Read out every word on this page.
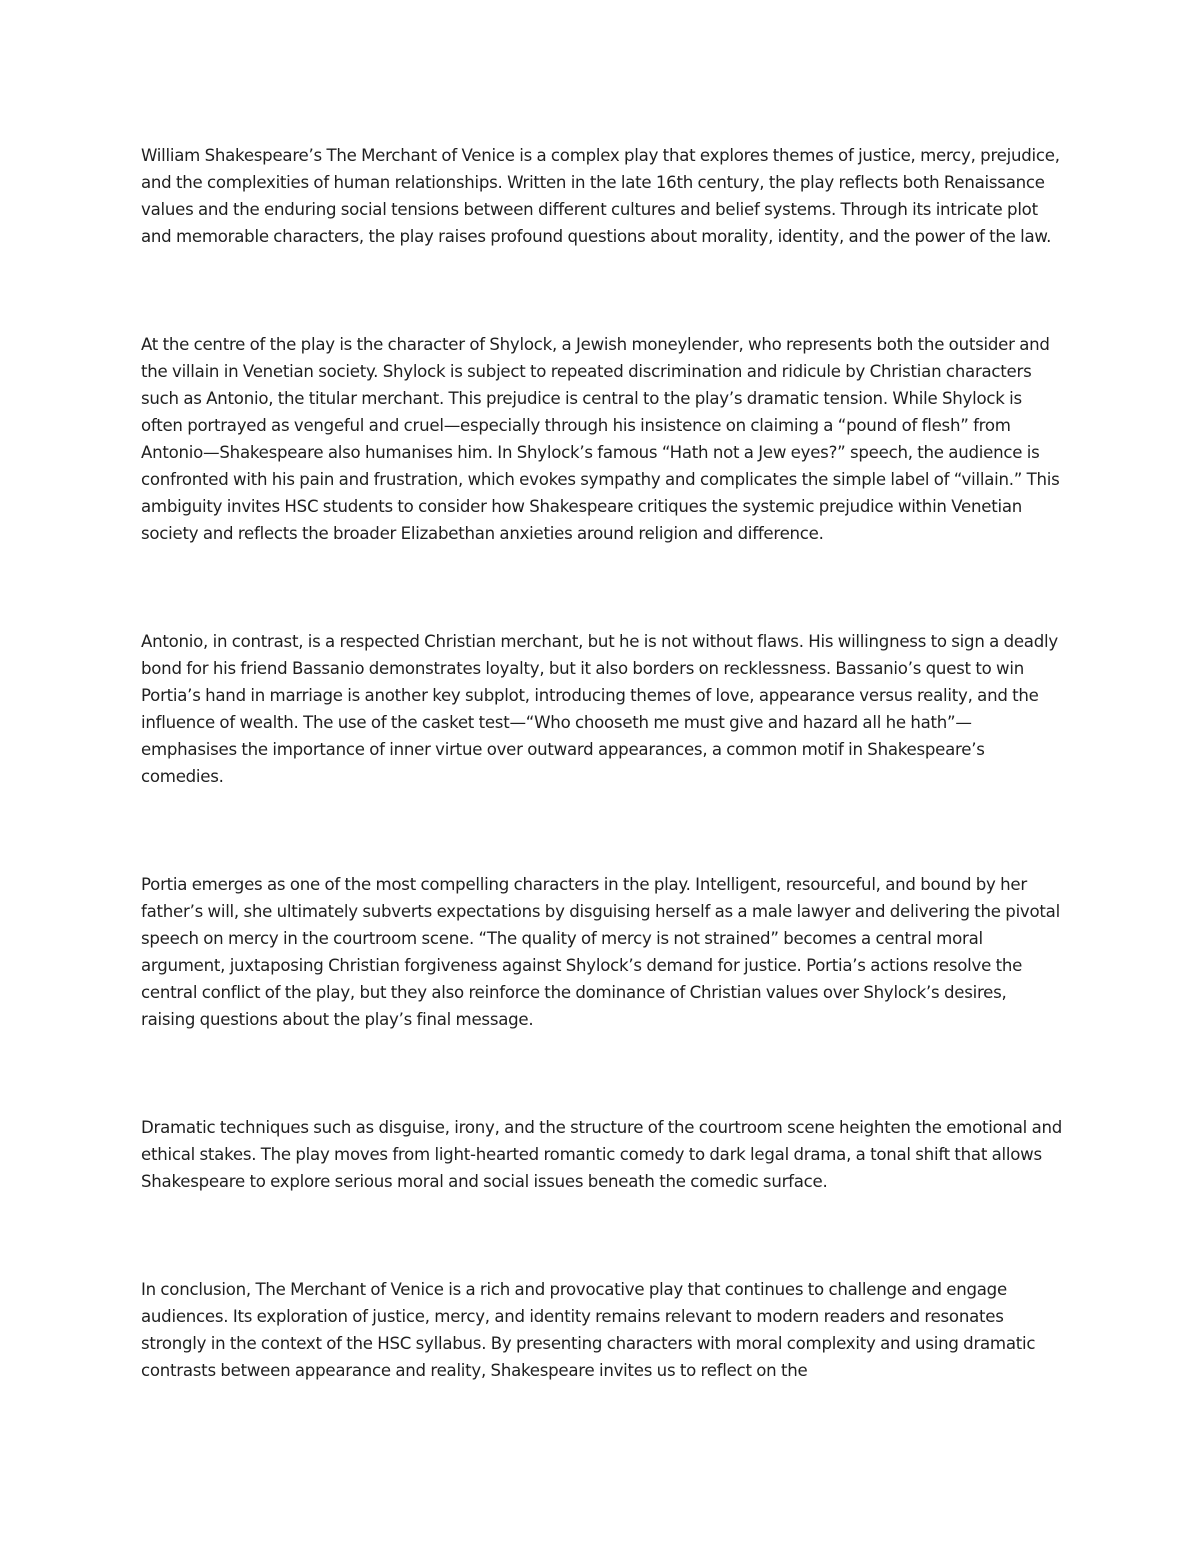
William Shakespeare’s The Merchant of Venice is a complex play that explores themes of justice, mercy, prejudice, and the complexities of human relationships. Written in the late 16th century, the play reflects both Renaissance values and the enduring social tensions between different cultures and belief systems. Through its intricate plot and memorable characters, the play raises profound questions about morality, identity, and the power of the law.

At the centre of the play is the character of Shylock, a Jewish moneylender, who represents both the outsider and the villain in Venetian society. Shylock is subject to repeated discrimination and ridicule by Christian characters such as Antonio, the titular merchant. This prejudice is central to the play’s dramatic tension. While Shylock is often portrayed as vengeful and cruel—especially through his insistence on claiming a “pound of flesh” from Antonio—Shakespeare also humanises him. In Shylock’s famous “Hath not a Jew eyes?” speech, the audience is confronted with his pain and frustration, which evokes sympathy and complicates the simple label of “villain.” This ambiguity invites HSC students to consider how Shakespeare critiques the systemic prejudice within Venetian society and reflects the broader Elizabethan anxieties around religion and difference.

Antonio, in contrast, is a respected Christian merchant, but he is not without flaws. His willingness to sign a deadly bond for his friend Bassanio demonstrates loyalty, but it also borders on recklessness. Bassanio’s quest to win Portia’s hand in marriage is another key subplot, introducing themes of love, appearance versus reality, and the influence of wealth. The use of the casket test—“Who chooseth me must give and hazard all he hath”—emphasises the importance of inner virtue over outward appearances, a common motif in Shakespeare’s comedies.

Portia emerges as one of the most compelling characters in the play. Intelligent, resourceful, and bound by her father’s will, she ultimately subverts expectations by disguising herself as a male lawyer and delivering the pivotal speech on mercy in the courtroom scene. “The quality of mercy is not strained” becomes a central moral argument, juxtaposing Christian forgiveness against Shylock’s demand for justice. Portia’s actions resolve the central conflict of the play, but they also reinforce the dominance of Christian values over Shylock’s desires, raising questions about the play’s final message.

Dramatic techniques such as disguise, irony, and the structure of the courtroom scene heighten the emotional and ethical stakes. The play moves from light-hearted romantic comedy to dark legal drama, a tonal shift that allows Shakespeare to explore serious moral and social issues beneath the comedic surface.

In conclusion, The Merchant of Venice is a rich and provocative play that continues to challenge and engage audiences. Its exploration of justice, mercy, and identity remains relevant to modern readers and resonates strongly in the context of the HSC syllabus. By presenting characters with moral complexity and using dramatic contrasts between appearance and reality, Shakespeare invites us to reflect on the
